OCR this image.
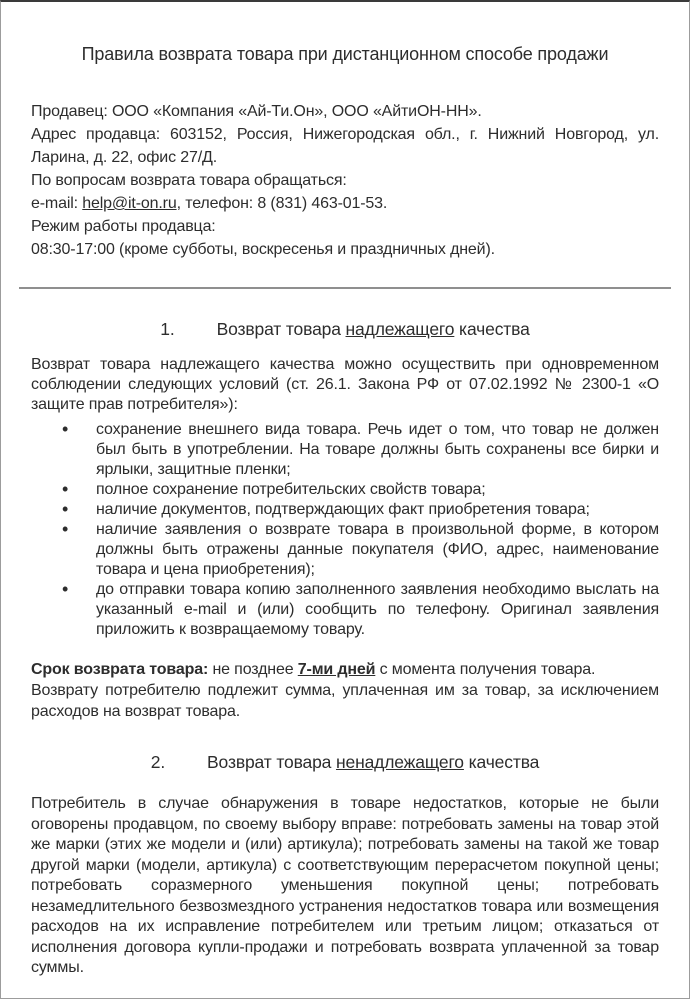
Правила возврата товара при дистанционном способе продажи

Продавец: ООО «Компания «Ай-Ти.Он», ООО «АйтиОН-НН».

Адрес продавца: 603152, Россия, Нижегородская обл., г. Нижний Новгород, ул. Ларина, д. 22, офис 27/Д.

По вопросам возврата товара обращаться:

e-mail: help@it-on.ru, телефон: 8 (831) 463-01-53.

Режим работы продавца:

08:30-17:00 (кроме субботы, воскресенья и праздничных дней).

1. Возврат товара надлежащего качества

Возврат товара надлежащего качества можно осуществить при одновременном соблюдении следующих условий (ст. 26.1. Закона РФ от 07.02.1992 № 2300-1 «О защите прав потребителя»):

• сохранение внешнего вида товара. Речь идет о том, что товар не должен был быть в употреблении. На товаре должны быть сохранены все бирки и ярлыки, защитные пленки;
• полное сохранение потребительских свойств товара;
• наличие документов, подтверждающих факт приобретения товара;
• наличие заявления о возврате товара в произвольной форме, в котором должны быть отражены данные покупателя (ФИО, адрес, наименование товара и цена приобретения);
• до отправки товара копию заполненного заявления необходимо выслать на указанный e-mail и (или) сообщить по телефону. Оригинал заявления приложить к возвращаемому товару.

Срок возврата товара: не позднее 7-ми дней с момента получения товара.

Возврату потребителю подлежит сумма, уплаченная им за товар, за исключением расходов на возврат товара.

2. Возврат товара ненадлежащего качества

Потребитель в случае обнаружения в товаре недостатков, которые не были оговорены продавцом, по своему выбору вправе: потребовать замены на товар этой же марки (этих же модели и (или) артикула); потребовать замены на такой же товар другой марки (модели, артикула) с соответствующим перерасчетом покупной цены; потребовать соразмерного уменьшения покупной цены; потребовать незамедлительного безвозмездного устранения недостатков товара или возмещения расходов на их исправление потребителем или третьим лицом; отказаться от исполнения договора купли-продажи и потребовать возврата уплаченной за товар суммы.
